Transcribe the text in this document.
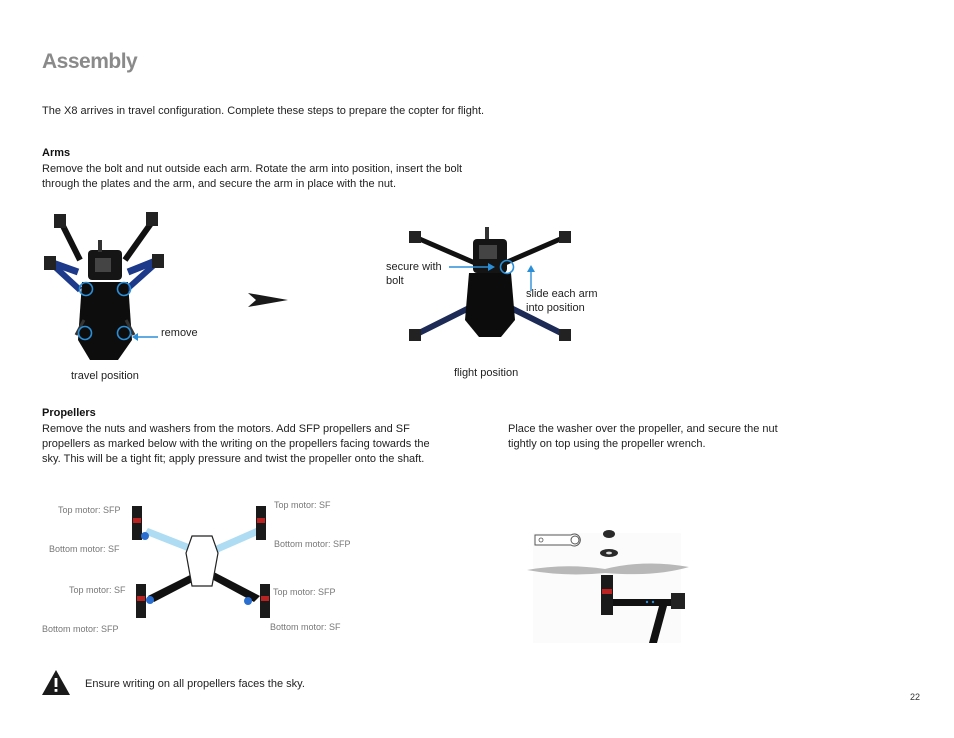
Assembly
The X8 arrives in travel configuration. Complete these steps to prepare the copter for flight.
Arms
Remove the bolt and nut outside each arm. Rotate the arm into position, insert the bolt through the plates and the arm, and secure the arm in place with the nut.
remove
travel position
secure with
bolt
slide each arm
into position
flight position
Propellers
Remove the nuts and washers from the motors. Add SFP propellers and SF propellers as marked below with the writing on the propellers facing towards the sky. This will be a tight fit; apply pressure and twist the propeller onto the shaft.
Place the washer over the propeller, and secure the nut tightly on top using the propeller wrench.
Top motor: SFP
Bottom motor: SF
Top motor: SF
Bottom motor: SFP
Top motor: SF
Bottom motor: SFP
Top motor: SFP
Bottom motor: SF
Ensure writing on all propellers faces the sky.
22
